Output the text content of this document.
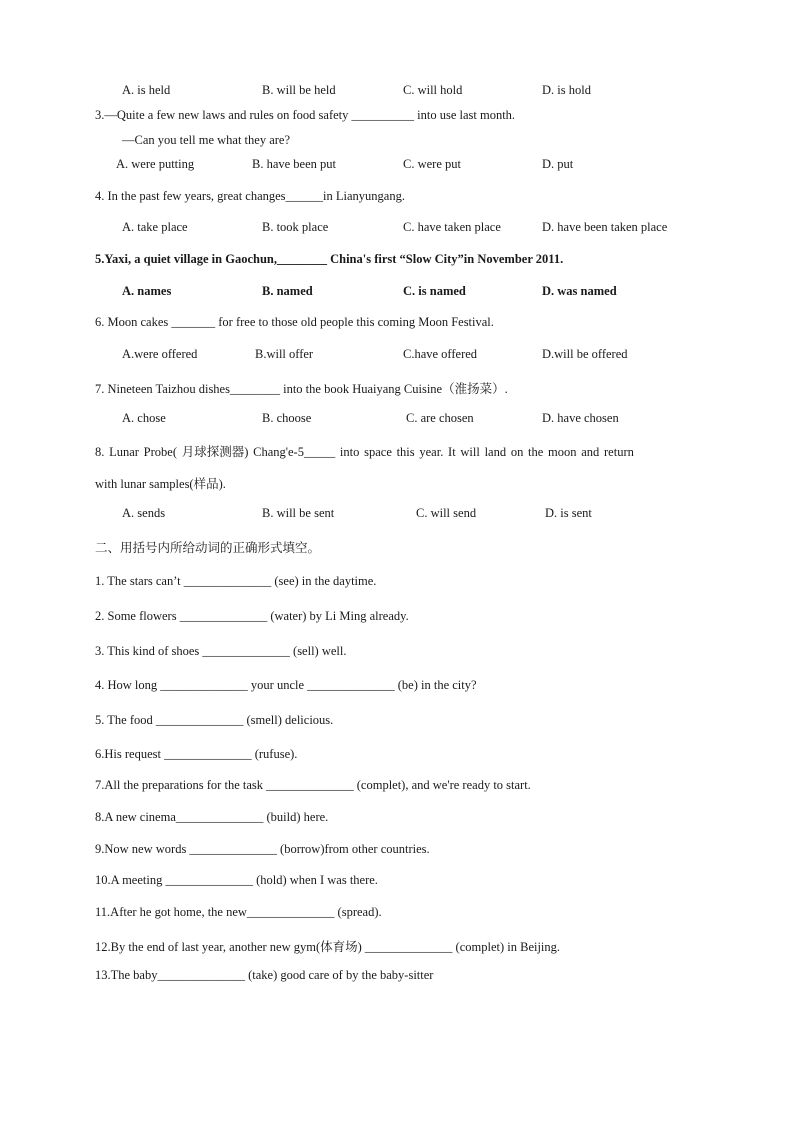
A. is held	B. will be held	C. will hold	D. is hold
3.—Quite a few new laws and rules on food safety __________ into use last month.
—Can you tell me what they are?
A. were putting	B. have been put	C. were put	D. put
4. In the past few years, great changes______in Lianyungang.
A. take place	B. took place	C. have taken place	D. have been taken place
5.Yaxi, a quiet village in Gaochun,________ China's first “Slow City”in November 2011.
A. names	B. named	C. is named	D. was named
6. Moon cakes _______ for free to those old people this coming Moon Festival.
A.were offered	B.will offer	C.have offered	D.will be offered
7. Nineteen Taizhou dishes________ into the book Huaiyang Cuisine（淮扬菜）.
A. chose	B. choose	C. are chosen	D. have chosen
8. Lunar Probe( 月球探测器) Chang'e-5_____ into space this year. It will land on the moon and return
with lunar samples(样品).
A. sends	B. will be sent	C. will send	D. is sent
二、用括号内所给动词的正确形式填空。
1. The stars can’t ______________ (see) in the daytime.
2. Some flowers ______________ (water) by Li Ming already.
3. This kind of shoes ______________ (sell) well.
4. How long ______________ your uncle ______________ (be) in the city?
5. The food ______________ (smell) delicious.
6.His request ______________ (rufuse).
7.All the preparations for the task ______________ (complet), and we're ready to start.
8.A new cinema______________ (build) here.
9.Now new words ______________ (borrow)from other countries.
10.A meeting ______________ (hold) when I was there.
11.After he got home, the new______________ (spread).
12.By the end of last year, another new gym(体育场) ______________ (complet) in Beijing.
13.The baby______________ (take) good care of by the baby-sitter
